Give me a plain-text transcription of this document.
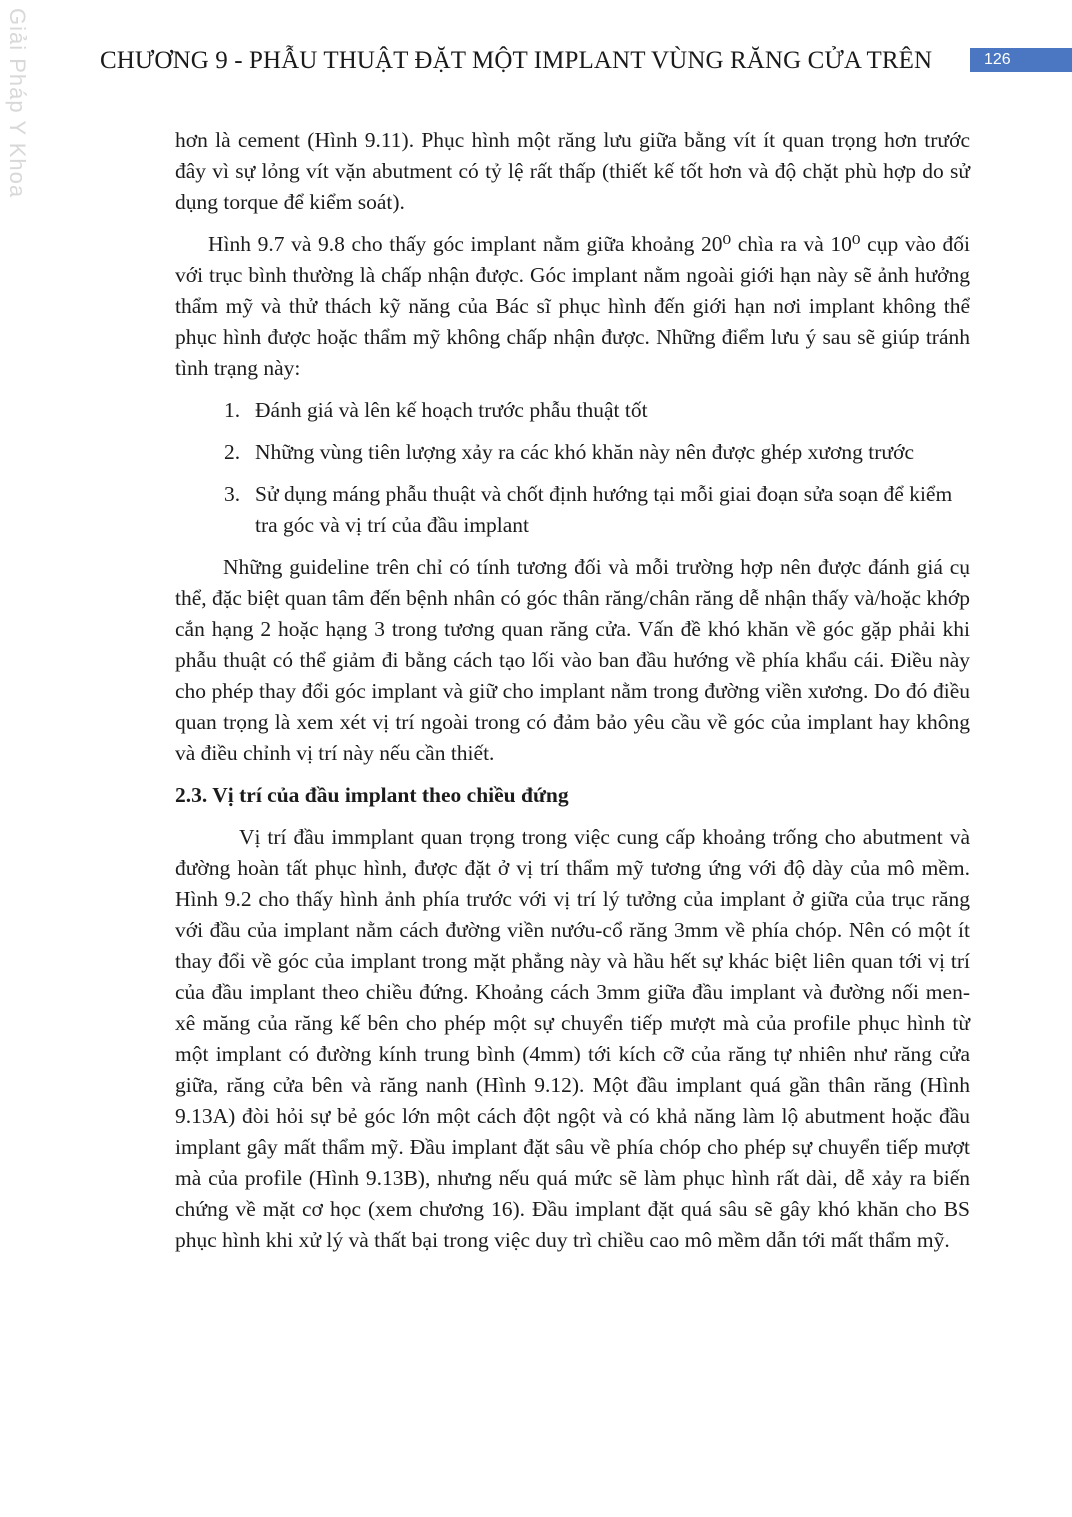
Giải Pháp Y Khoa	CHƯƠNG 9 - PHẪU THUẬT ĐẶT MỘT IMPLANT VÙNG RĂNG CỬA TRÊN	126

hơn là cement (Hình 9.11). Phục hình một răng lưu giữa bằng vít ít quan trọng hơn trước đây vì sự lỏng vít vặn abutment có tỷ lệ rất thấp (thiết kế tốt hơn và độ chặt phù hợp do sử dụng torque để kiểm soát).

Hình 9.7 và 9.8 cho thấy góc implant nằm giữa khoảng 20⁰ chìa ra và 10⁰ cụp vào đối với trục bình thường là chấp nhận được. Góc implant nằm ngoài giới hạn này sẽ ảnh hưởng thẩm mỹ và thử thách kỹ năng của Bác sĩ phục hình đến giới hạn nơi implant không thể phục hình được hoặc thẩm mỹ không chấp nhận được. Những điểm lưu ý sau sẽ giúp tránh tình trạng này:

1. Đánh giá và lên kế hoạch trước phẫu thuật tốt
2. Những vùng tiên lượng xảy ra các khó khăn này nên được ghép xương trước
3. Sử dụng máng phẫu thuật và chốt định hướng tại mỗi giai đoạn sửa soạn để kiểm tra góc và vị trí của đầu implant

Những guideline trên chỉ có tính tương đối và mỗi trường hợp nên được đánh giá cụ thể, đặc biệt quan tâm đến bệnh nhân có góc thân răng/chân răng dễ nhận thấy và/hoặc khớp cắn hạng 2 hoặc hạng 3 trong tương quan răng cửa. Vấn đề khó khăn về góc gặp phải khi phẫu thuật có thể giảm đi bằng cách tạo lối vào ban đầu hướng về phía khẩu cái. Điều này cho phép thay đổi góc implant và giữ cho implant nằm trong đường viền xương. Do đó điều quan trọng là xem xét vị trí ngoài trong có đảm bảo yêu cầu về góc của implant hay không và điều chỉnh vị trí này nếu cần thiết.

2.3. Vị trí của đầu implant theo chiều đứng

Vị trí đầu immplant quan trọng trong việc cung cấp khoảng trống cho abutment và đường hoàn tất phục hình, được đặt ở vị trí thẩm mỹ tương ứng với độ dày của mô mềm. Hình 9.2 cho thấy hình ảnh phía trước với vị trí lý tưởng của implant ở giữa của trục răng với đầu của implant nằm cách đường viền nướu-cổ răng 3mm về phía chóp. Nên có một ít thay đổi về góc của implant trong mặt phẳng này và hầu hết sự khác biệt liên quan tới vị trí của đầu implant theo chiều đứng. Khoảng cách 3mm giữa đầu implant và đường nối men- xê măng của răng kế bên cho phép một sự chuyển tiếp mượt mà của profile phục hình từ một implant có đường kính trung bình (4mm) tới kích cỡ của răng tự nhiên như răng cửa giữa, răng cửa bên và răng nanh (Hình 9.12). Một đầu implant quá gần thân răng (Hình 9.13A) đòi hỏi sự bẻ góc lớn một cách đột ngột và có khả năng làm lộ abutment hoặc đầu implant gây mất thẩm mỹ. Đầu implant đặt sâu về phía chóp cho phép sự chuyển tiếp mượt mà của profile (Hình 9.13B), nhưng nếu quá mức sẽ làm phục hình rất dài, dễ xảy ra biến chứng về mặt cơ học (xem chương 16). Đầu implant đặt quá sâu sẽ gây khó khăn cho BS phục hình khi xử lý và thất bại trong việc duy trì chiều cao mô mềm dẫn tới mất thẩm mỹ.
